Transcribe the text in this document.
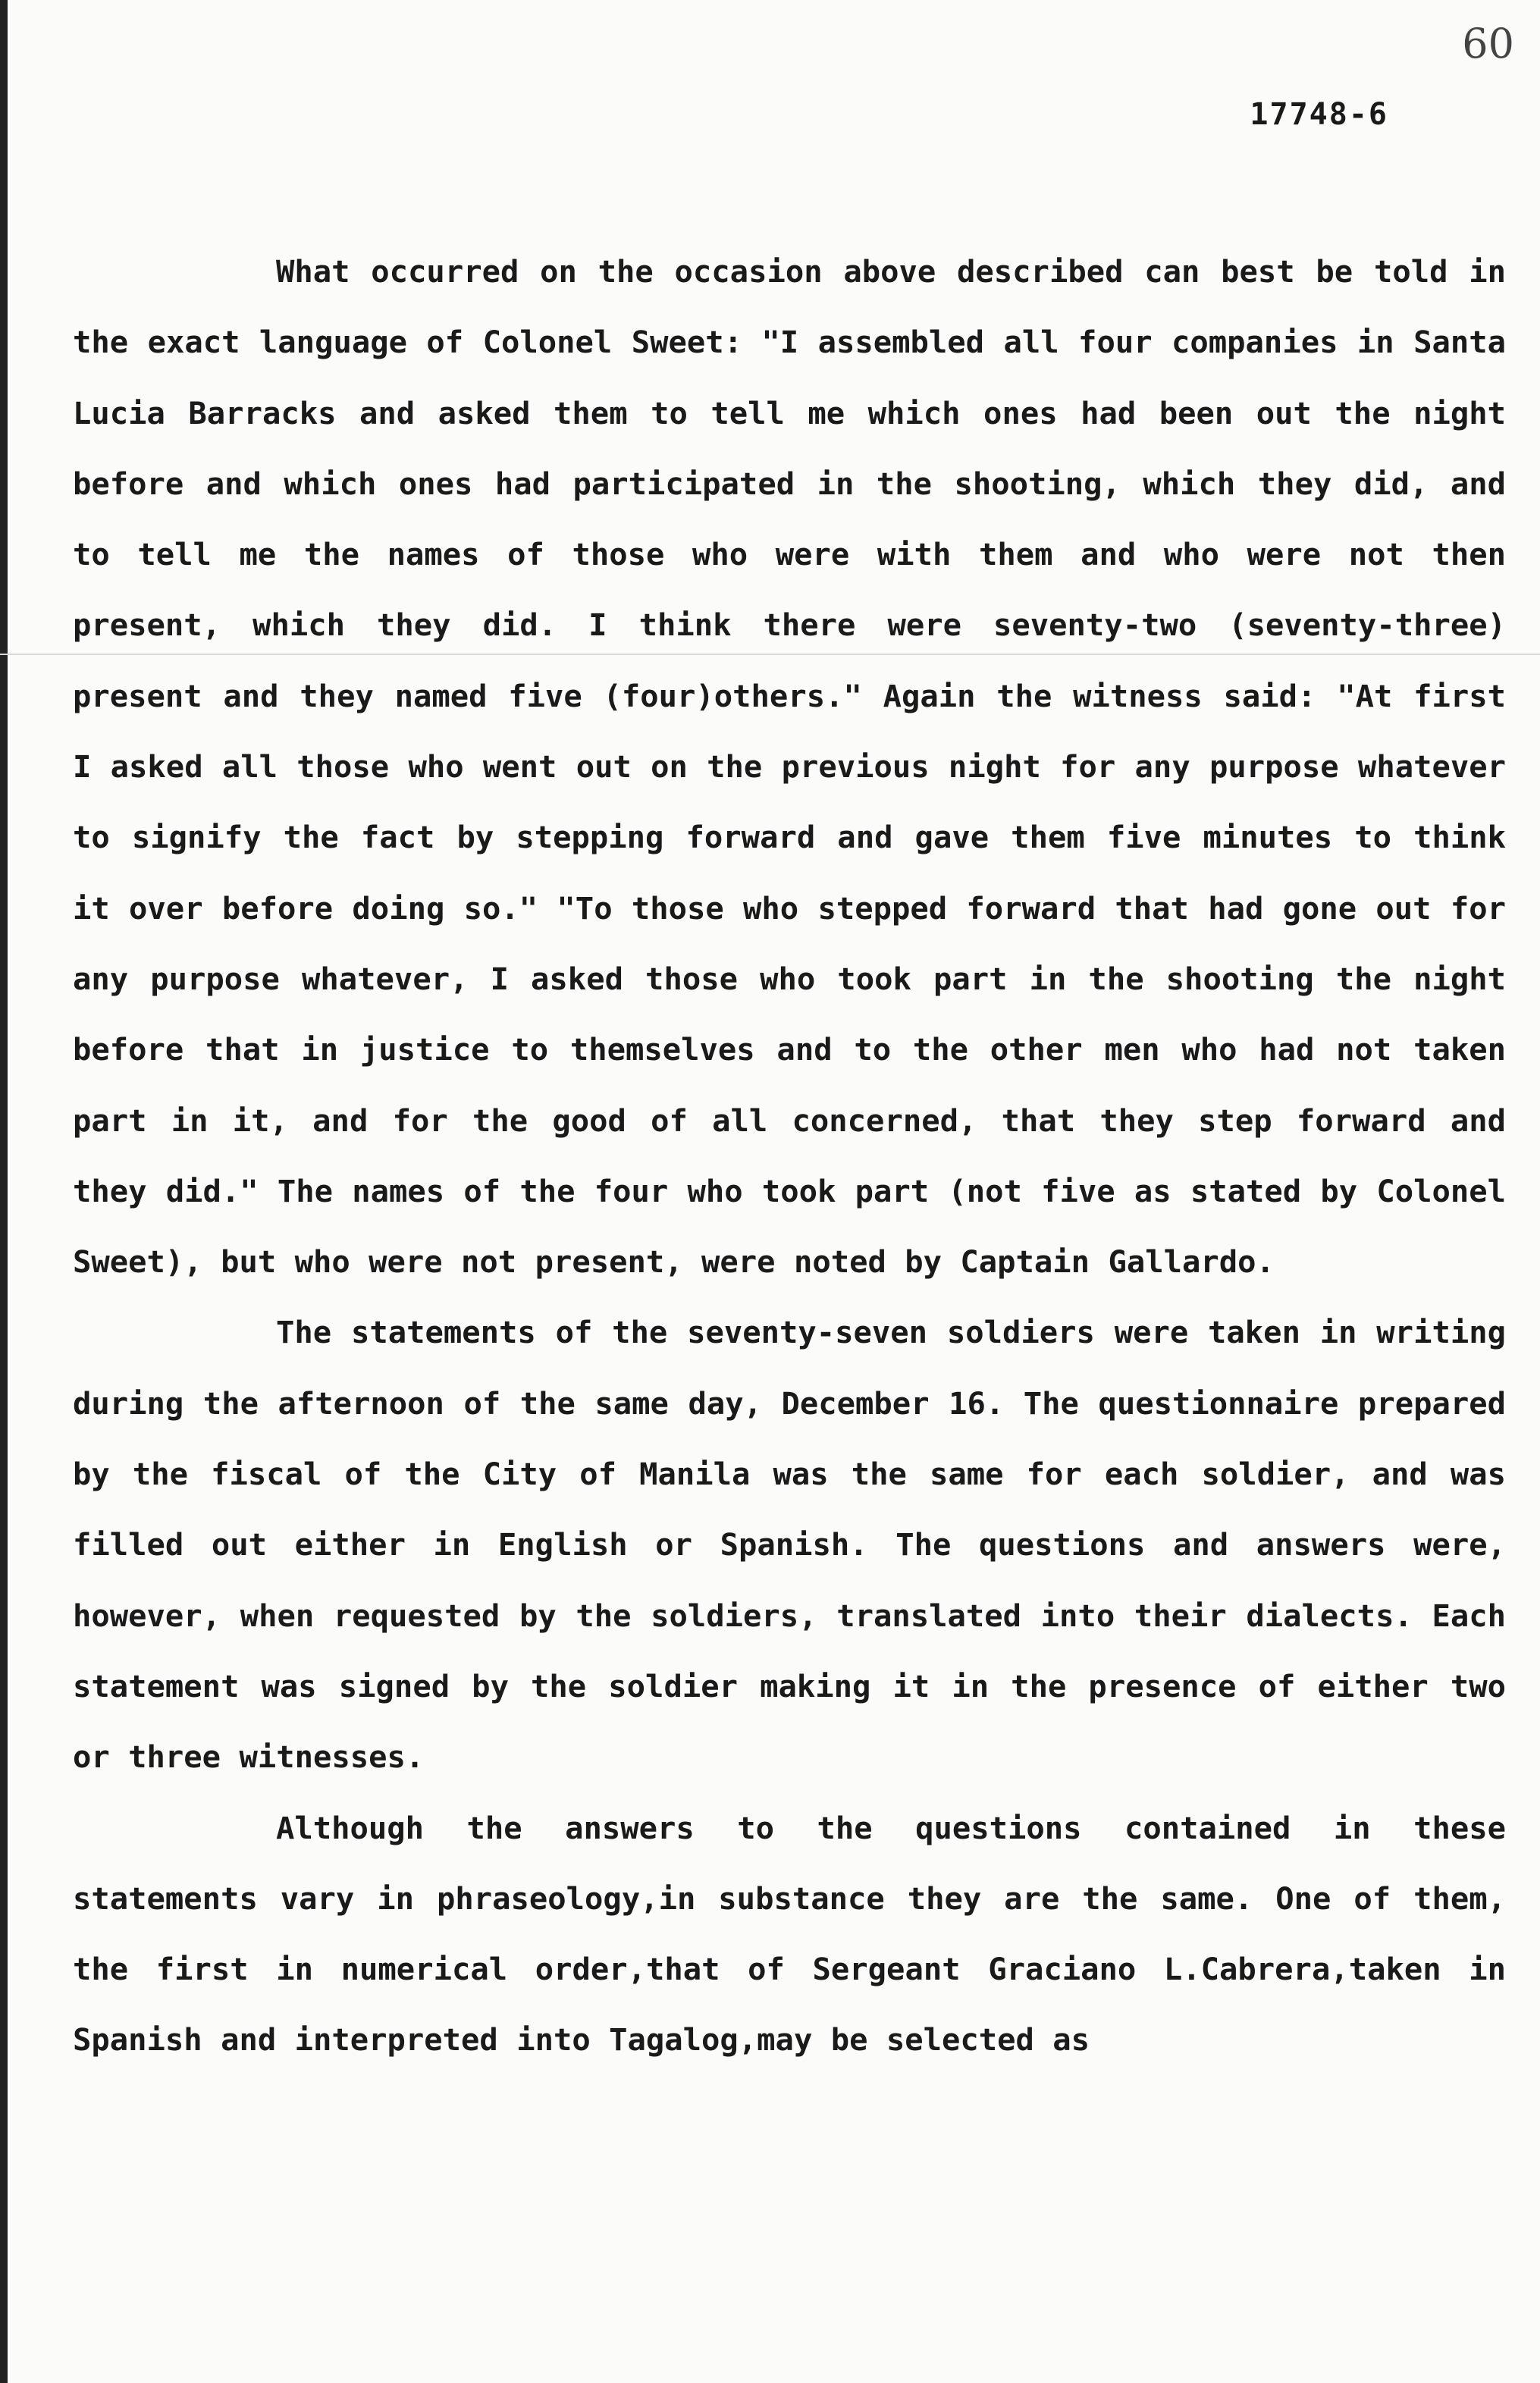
60
17748-6

What occurred on the occasion above described can best be told in the exact language of Colonel Sweet: "I assembled all four companies in Santa Lucia Barracks and asked them to tell me which ones had been out the night before and which ones had participated in the shooting, which they did, and to tell me the names of those who were with them and who were not then present, which they did. I think there were seventy-two (seventy-three) present and they named five (four)others." Again the witness said: "At first I asked all those who went out on the previous night for any purpose whatever to signify the fact by stepping forward and gave them five minutes to think it over before doing so." "To those who stepped forward that had gone out for any purpose whatever, I asked those who took part in the shooting the night before that in justice to themselves and to the other men who had not taken part in it, and for the good of all concerned, that they step forward and they did." The names of the four who took part (not five as stated by Colonel Sweet), but who were not present, were noted by Captain Gallardo.

The statements of the seventy-seven soldiers were taken in writing during the afternoon of the same day, December 16. The questionnaire prepared by the fiscal of the City of Manila was the same for each soldier, and was filled out either in English or Spanish. The questions and answers were, however, when requested by the soldiers, translated into their dialects. Each statement was signed by the soldier making it in the presence of either two or three witnesses.

Although the answers to the questions contained in these statements vary in phraseology,in substance they are the same. One of them, the first in numerical order,that of Sergeant Graciano L.Cabrera,taken in Spanish and interpreted into Tagalog,may be selected as
